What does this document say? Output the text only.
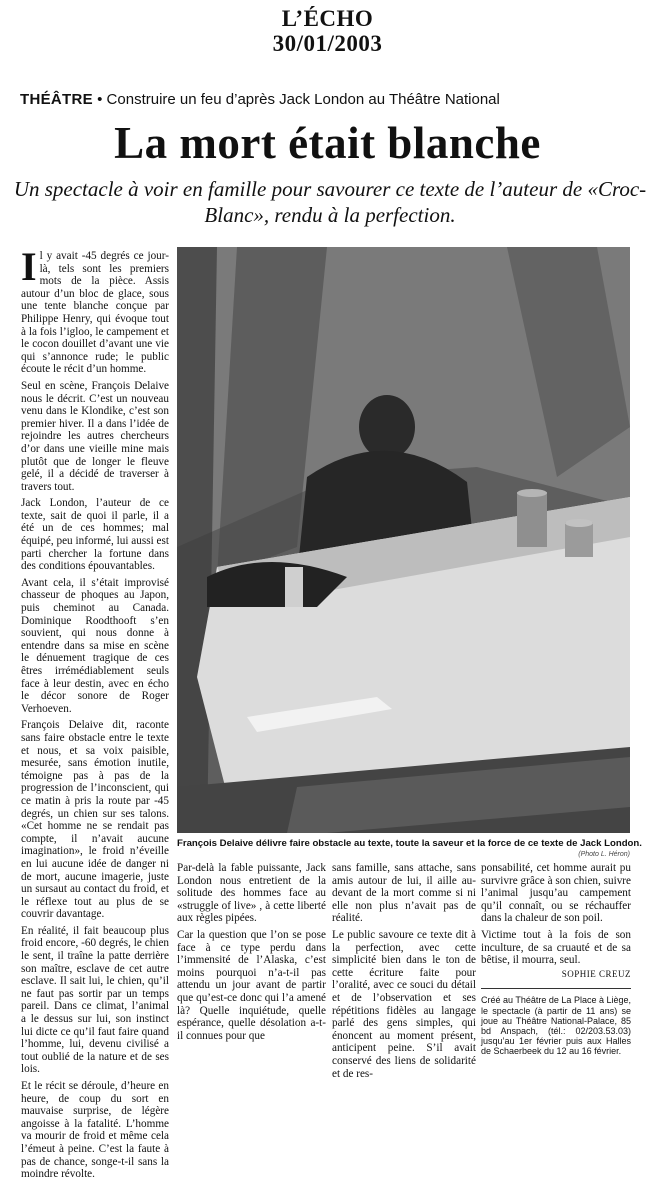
L’ÉCHO
30/01/2003
THÉÂTRE • Construire un feu d’après Jack London au Théâtre National
La mort était blanche
Un spectacle à voir en famille pour savourer ce texte de l’auteur de «Croc-Blanc», rendu à la perfection.

Il y avait -45 degrés ce jour-là, tels sont les premiers mots de la pièce. Assis autour d’un bloc de glace, sous une tente blanche conçue par Philippe Henry, qui évoque tout à la fois l’igloo, le campement et le cocon douillet d’avant une vie qui s’annonce rude; le public écoute le récit d’un homme.

Seul en scène, François Delaive nous le décrit. C’est un nouveau venu dans le Klondike, c’est son premier hiver. Il a dans l’idée de rejoindre les autres chercheurs d’or dans une vieille mine mais plutôt que de longer le fleuve gelé, il a décidé de traverser à travers tout.

Jack London, l’auteur de ce texte, sait de quoi il parle, il a été un de ces hommes; mal équipé, peu informé, lui aussi est parti chercher la fortune dans des conditions épouvantables.

Avant cela, il s’était improvisé chasseur de phoques au Japon, puis cheminot au Canada. Dominique Roodthooft s’en souvient, qui nous donne à entendre dans sa mise en scène le dénuement tragique de ces êtres irrémédiablement seuls face à leur destin, avec en écho le décor sonore de Roger Verhoeven.

François Delaive dit, raconte sans faire obstacle entre le texte et nous, et sa voix paisible, mesurée, sans émotion inutile, témoigne pas à pas de la progression de l’inconscient, qui ce matin à pris la route par -45 degrés, un chien sur ses talons. «Cet homme ne se rendait pas compte, il n’avait aucune imagination», le froid n’éveille en lui aucune idée de danger ni de mort, aucune imagerie, juste un sursaut au contact du froid, et le réflexe tout au plus de se couvrir davantage.

En réalité, il fait beaucoup plus froid encore, -60 degrés, le chien le sent, il traîne la patte derrière son maître, esclave de cet autre esclave. Il sait lui, le chien, qu’il ne faut pas sortir par un temps pareil. Dans ce climat, l’animal a le dessus sur lui, son instinct lui dicte ce qu’il faut faire quand l’homme, lui, devenu civilisé a tout oublié de la nature et de ses lois.

Et le récit se déroule, d’heure en heure, de coup du sort en mauvaise surprise, de légère angoisse à la fatalité. L’homme va mourir de froid et même cela l’émeut à peine. C’est la faute à pas de chance, songe-t-il sans la moindre révolte.

François Delaive délivre faire obstacle au texte, toute la saveur et la force de ce texte de Jack London.
(Photo L. Héron)

Par-delà la fable puissante, Jack London nous entretient de la solitude des hommes face au «struggle of live» , à cette liberté aux règles pipées.

Car la question que l’on se pose face à ce type perdu dans l’immensité de l’Alaska, c’est moins pourquoi n’a-t-il pas attendu un jour avant de partir que qu’est-ce donc qui l’a amené là? Quelle inquiétude, quelle espérance, quelle désolation a-t-il connues pour que

sans famille, sans attache, sans amis autour de lui, il aille au-devant de la mort comme si ni elle non plus n’avait pas de réalité.

Le public savoure ce texte dit à la perfection, avec cette simplicité bien dans le ton de cette écriture faite pour l’oralité, avec ce souci du détail et de l’observation et ses répétitions fidèles au langage parlé des gens simples, qui énoncent au moment présent, anticipent peine. S’il avait conservé des liens de solidarité et de res-

ponsabilité, cet homme aurait pu survivre grâce à son chien, suivre l’animal jusqu’au campement qu’il connaît, ou se réchauffer dans la chaleur de son poil.

Victime tout à la fois de son inculture, de sa cruauté et de sa bêtise, il mourra, seul.

SOPHIE CREUZ
Créé au Théâtre de La Place à Liège, le spectacle (à partir de 11 ans) se joue au Théâtre National-Palace, 85 bd Anspach, (tél.: 02/203.53.03) jusqu’au 1er février puis aux Halles de Schaerbeek du 12 au 16 février.
